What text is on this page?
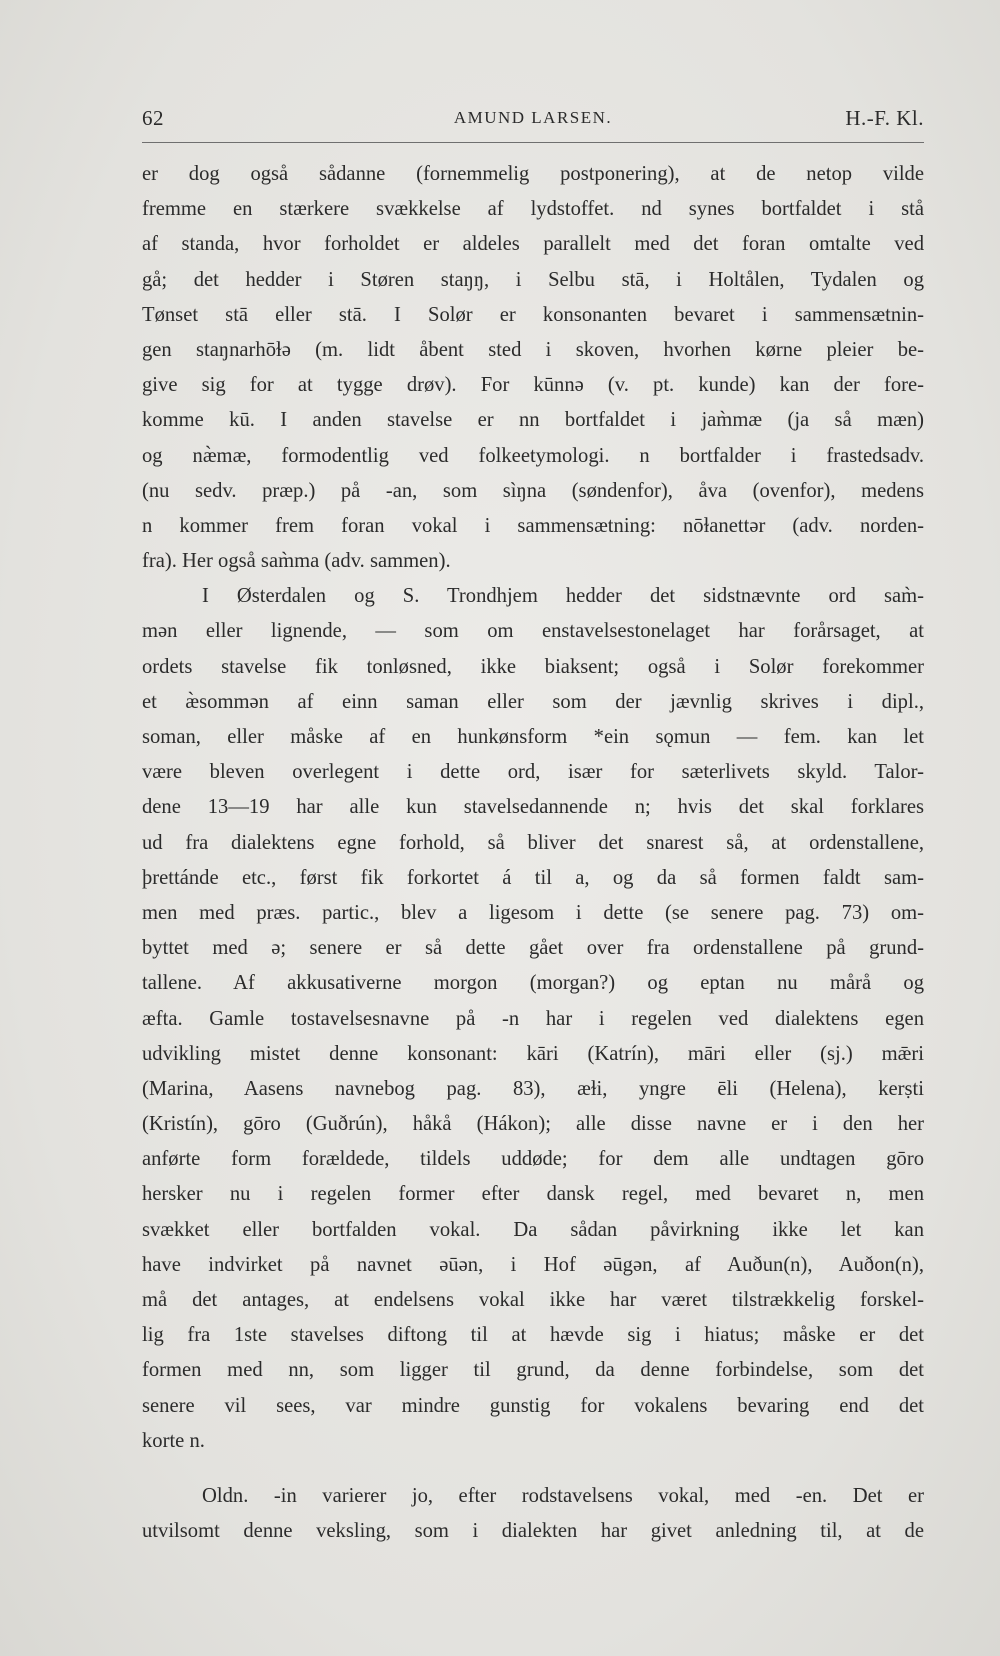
62	AMUND LARSEN.	H.-F. Kl.
er dog også sådanne (fornemmelig postponering), at de netop vilde
fremme en stærkere svækkelse af lydstoffet. nd synes bortfaldet i stå
af standa, hvor forholdet er aldeles parallelt med det foran omtalte ved
gå; det hedder i Støren staŋŋ, i Selbu stā, i Holtålen, Tydalen og
Tønset stā eller stā. I Solør er konsonanten bevaret i sammensætnin-
gen staŋnarhōɫə (m. lidt åbent sted i skoven, hvorhen kørne pleier be-
give sig for at tygge drøv). For kūnnə (v. pt. kunde) kan der fore-
komme kū. I anden stavelse er nn bortfaldet i jam̀mæ (ja så mæn)
og næ̀mæ, formodentlig ved folkeetymologi. n bortfalder i frastedsadv.
(nu sedv. præp.) på -an, som sìŋna (søndenfor), åva (ovenfor), medens
n kommer frem foran vokal i sammensætning: nōɫanettər (adv. norden-
fra). Her også sam̀ma (adv. sammen).
I Østerdalen og S. Trondhjem hedder det sidstnævnte ord sam̀-
mən eller lignende, — som om enstavelsestonelaget har forårsaget, at
ordets stavelse fik tonløsned, ikke biaksent; også i Solør forekommer
et æ̀sommən af einn saman eller som der jævnlig skrives i dipl.,
soman, eller måske af en hunkønsform *ein sǫmun — fem. kan let
være bleven overlegent i dette ord, især for sæterlivets skyld. Talor-
dene 13—19 har alle kun stavelsedannende n; hvis det skal forklares
ud fra dialektens egne forhold, så bliver det snarest så, at ordenstallene,
þrettánde etc., først fik forkortet á til a, og da så formen faldt sam-
men med præs. partic., blev a ligesom i dette (se senere pag. 73) om-
byttet med ə; senere er så dette gået over fra ordenstallene på grund-
tallene. Af akkusativerne morgon (morgan?) og eptan nu mårå og
æfta. Gamle tostavelsesnavne på -n har i regelen ved dialektens egen
udvikling mistet denne konsonant: kāri (Katrín), māri eller (sj.) mǣri
(Marina, Aasens navnebog pag. 83), æɫi, yngre ēli (Helena), kerṣti
(Kristín), gōro (Guðrún), håkå (Hákon); alle disse navne er i den her
anførte form forældede, tildels uddøde; for dem alle undtagen gōro
hersker nu i regelen former efter dansk regel, med bevaret n, men
svækket eller bortfalden vokal. Da sådan påvirkning ikke let kan
have indvirket på navnet əūən, i Hof əūgən, af Auðun(n), Auðon(n),
må det antages, at endelsens vokal ikke har været tilstrækkelig forskel-
lig fra 1ste stavelses diftong til at hævde sig i hiatus; måske er det
formen med nn, som ligger til grund, da denne forbindelse, som det
senere vil sees, var mindre gunstig for vokalens bevaring end det
korte n.
Oldn. -in varierer jo, efter rodstavelsens vokal, med -en. Det er
utvilsomt denne veksling, som i dialekten har givet anledning til, at de
